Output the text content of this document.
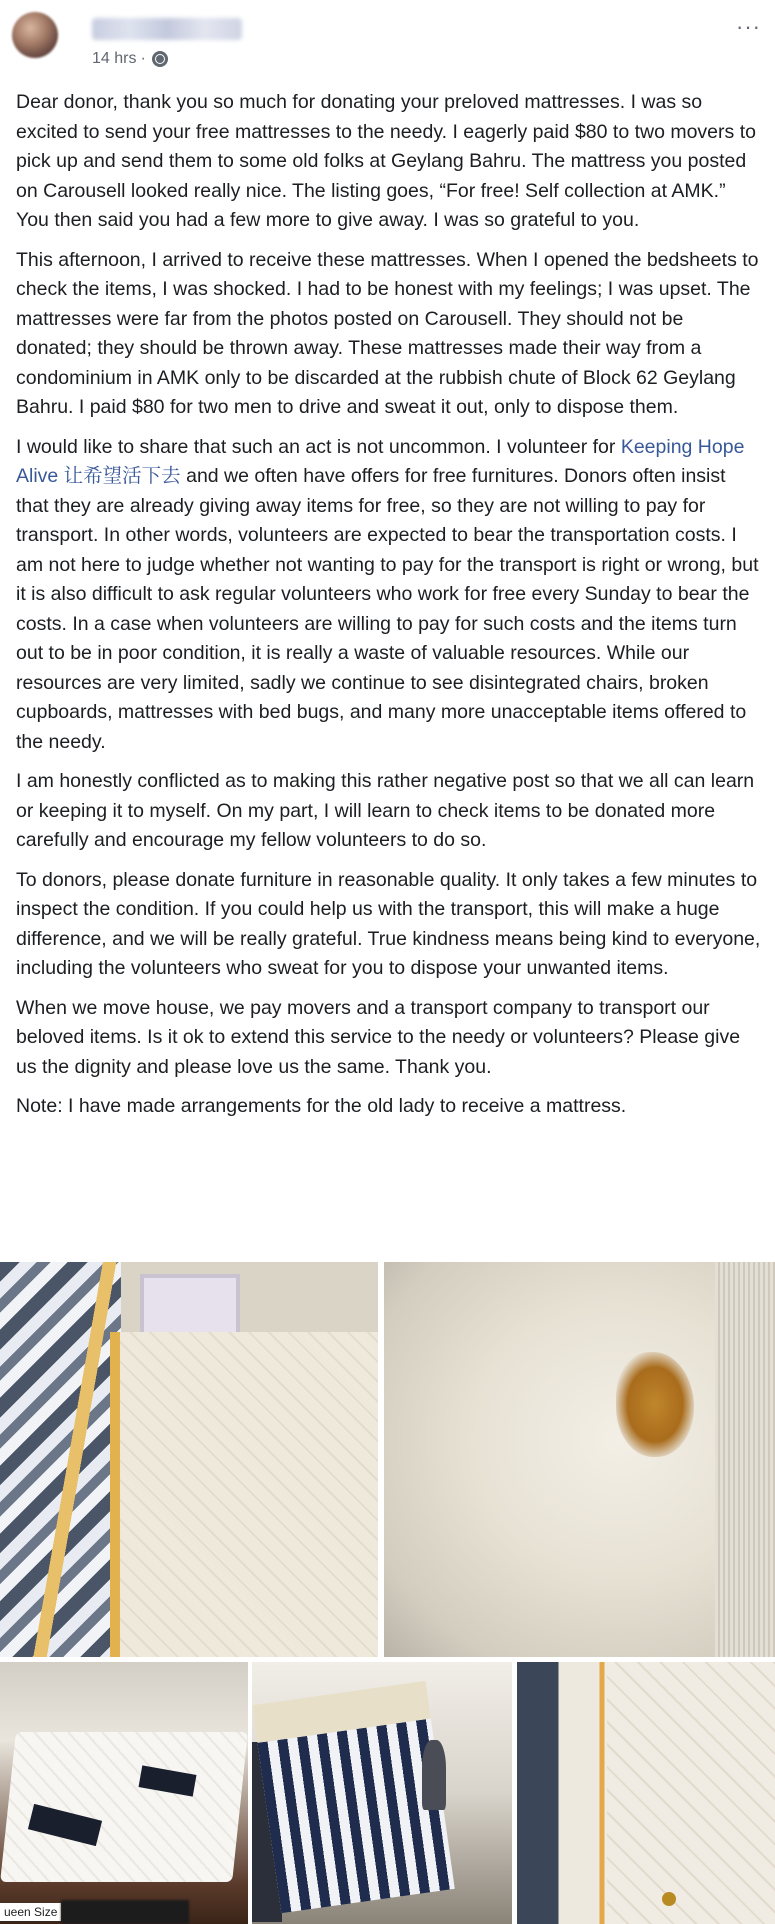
14 hrs ·
···

Dear donor, thank you so much for donating your preloved mattresses. I was so excited to send your free mattresses to the needy. I eagerly paid $80 to two movers to pick up and send them to some old folks at Geylang Bahru. The mattress you posted on Carousell looked really nice. The listing goes, “For free! Self collection at AMK.” You then said you had a few more to give away. I was so grateful to you.

This afternoon, I arrived to receive these mattresses. When I opened the bedsheets to check the items, I was shocked. I had to be honest with my feelings; I was upset. The mattresses were far from the photos posted on Carousell. They should not be donated; they should be thrown away. These mattresses made their way from a condominium in AMK only to be discarded at the rubbish chute of Block 62 Geylang Bahru. I paid $80 for two men to drive and sweat it out, only to dispose them.

I would like to share that such an act is not uncommon. I volunteer for Keeping Hope Alive 让希望活下去 and we often have offers for free furnitures. Donors often insist that they are already giving away items for free, so they are not willing to pay for transport. In other words, volunteers are expected to bear the transportation costs. I am not here to judge whether not wanting to pay for the transport is right or wrong, but it is also difficult to ask regular volunteers who work for free every Sunday to bear the costs. In a case when volunteers are willing to pay for such costs and the items turn out to be in poor condition, it is really a waste of valuable resources. While our resources are very limited, sadly we continue to see disintegrated chairs, broken cupboards, mattresses with bed bugs, and many more unacceptable items offered to the needy.

I am honestly conflicted as to making this rather negative post so that we all can learn or keeping it to myself. On my part, I will learn to check items to be donated more carefully and encourage my fellow volunteers to do so.

To donors, please donate furniture in reasonable quality. It only takes a few minutes to inspect the condition. If you could help us with the transport, this will make a huge difference, and we will be really grateful. True kindness means being kind to everyone, including the volunteers who sweat for you to dispose your unwanted items.

When we move house, we pay movers and a transport company to transport our beloved items. Is it ok to extend this service to the needy or volunteers? Please give us the dignity and please love us the same. Thank you.

Note: I have made arrangements for the old lady to receive a mattress.

ueen Size
